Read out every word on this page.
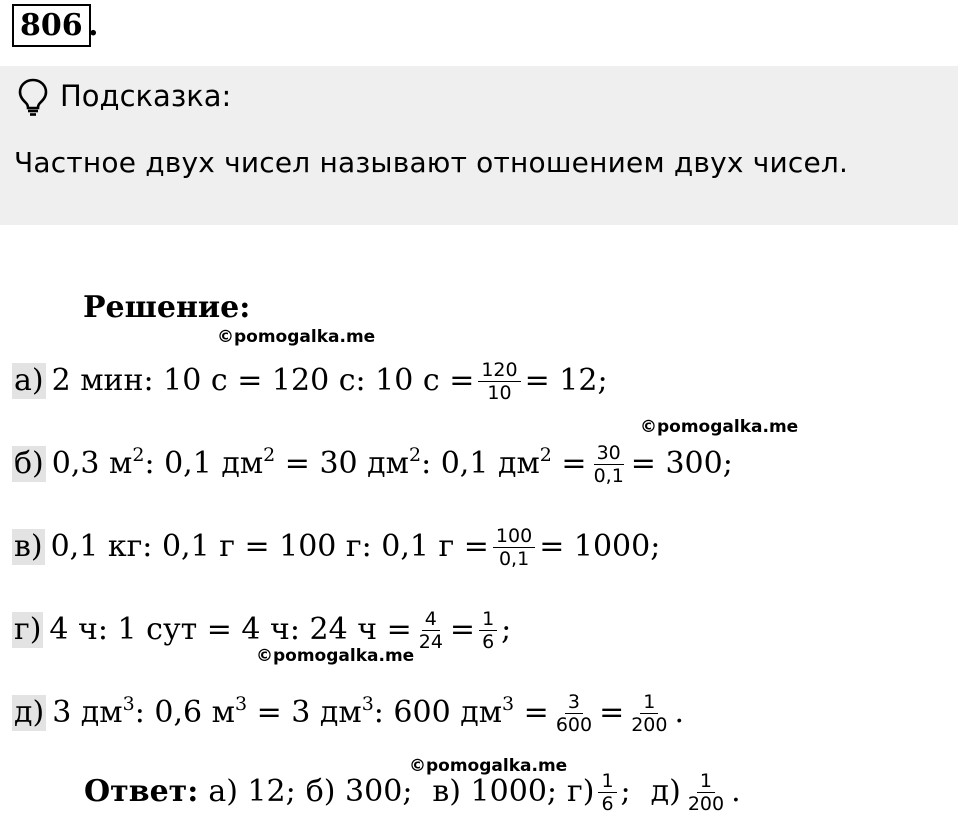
806 .
Подсказка:
Частное двух чисел называют отношением двух чисел.
Решение:
©pomogalka.me
©pomogalka.me
©pomogalka.me
©pomogalka.me
а) 2 мин: 10 с = 120 с: 10 $с = \frac{120}{10} = 12$;
б) 0,3 $м^2$: 0,1 $дм^2 = 30$ $дм^2$: 0,1 $дм^2 = \frac{30}{0,1} = 300$;
в) 0,1 кг: 0,1 г = 100 г: 0,1 $г = \frac{100}{0,1} = 1000$;
г) 4 ч: 1 сут = 4 ч: 24 $ч = \frac{4}{24} = \frac{1}{6}$ ;
д) 3 $дм^3$: 0,6 $м^3 = 3$ $дм^3$: 600 $дм^3 = \frac{3}{600} = \frac{1}{200}$ .
Ответ: а) 12; б) 300; в) 1000; $г) \frac{1}{6}$ ; $д) \frac{1}{200}$ .
